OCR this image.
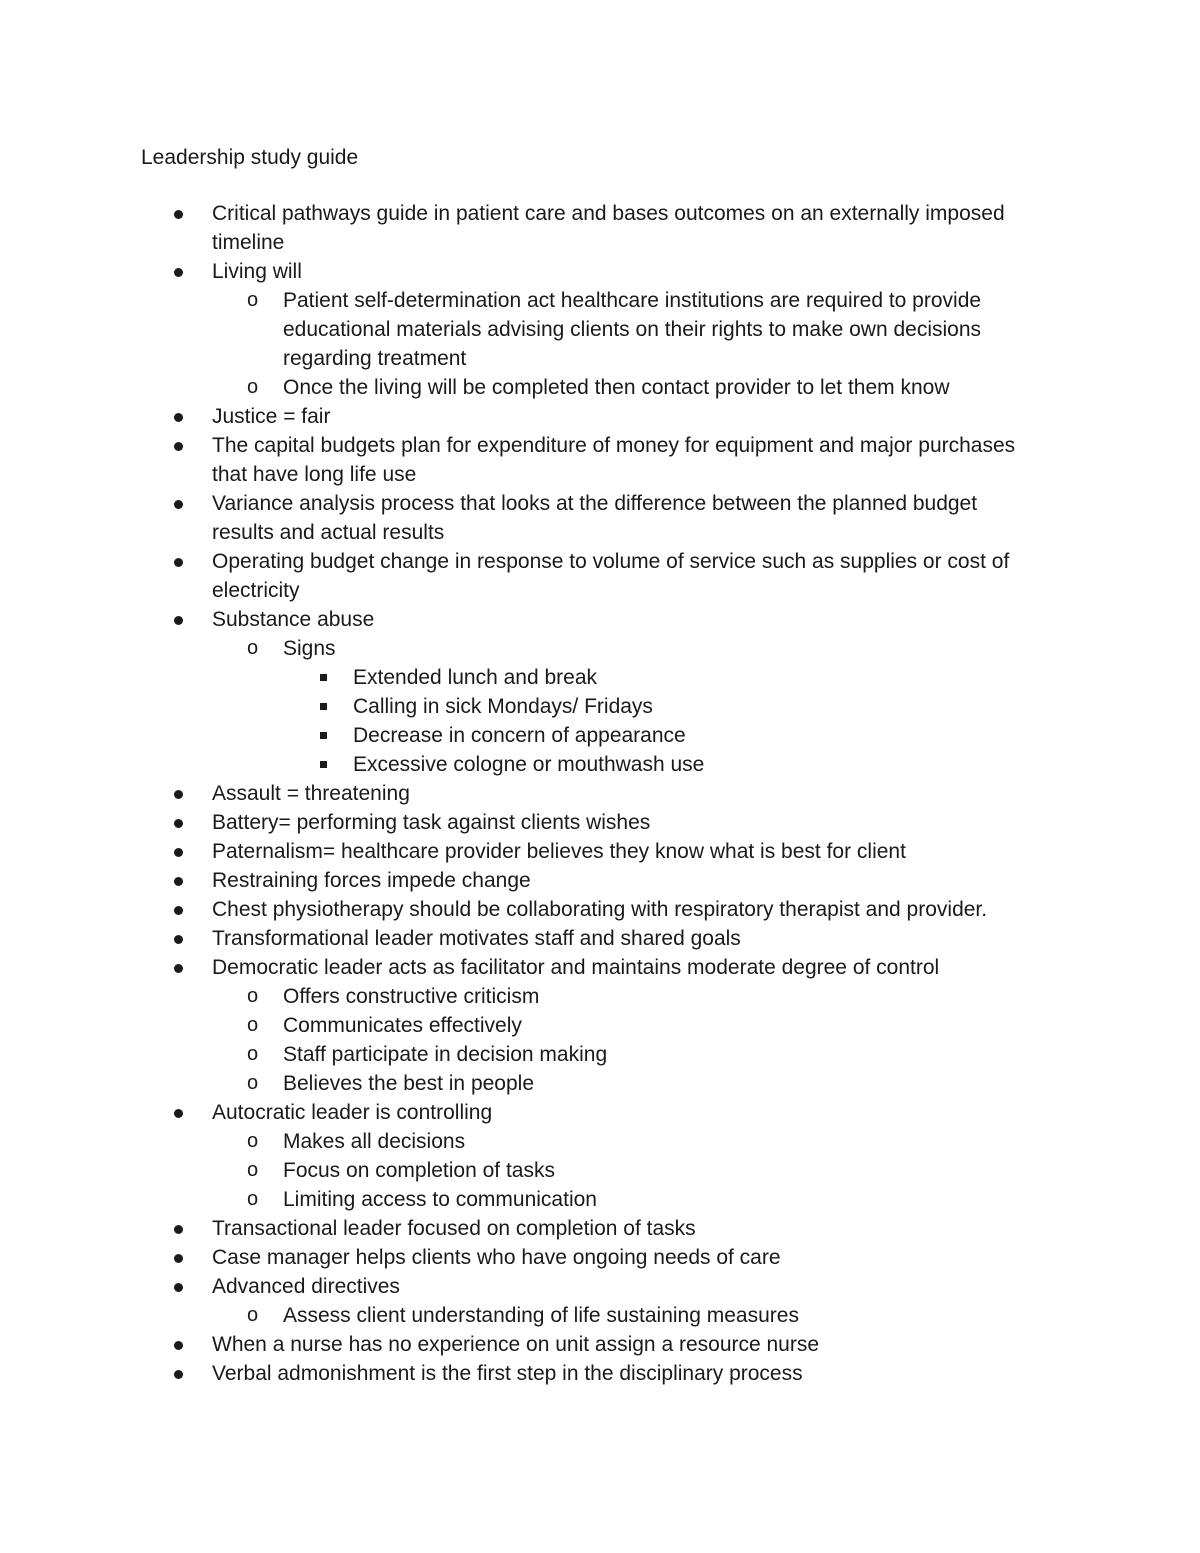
Leadership study guide
Critical pathways guide in patient care and bases outcomes on an externally imposed
timeline
Living will
o Patient self-determination act healthcare institutions are required to provide
educational materials advising clients on their rights to make own decisions
regarding treatment
o Once the living will be completed then contact provider to let them know
Justice = fair
The capital budgets plan for expenditure of money for equipment and major purchases
that have long life use
Variance analysis process that looks at the difference between the planned budget
results and actual results
Operating budget change in response to volume of service such as supplies or cost of
electricity
Substance abuse
o Signs
Extended lunch and break
Calling in sick Mondays/ Fridays
Decrease in concern of appearance
Excessive cologne or mouthwash use
Assault = threatening
Battery= performing task against clients wishes
Paternalism= healthcare provider believes they know what is best for client
Restraining forces impede change
Chest physiotherapy should be collaborating with respiratory therapist and provider.
Transformational leader motivates staff and shared goals
Democratic leader acts as facilitator and maintains moderate degree of control
o Offers constructive criticism
o Communicates effectively
o Staff participate in decision making
o Believes the best in people
Autocratic leader is controlling
o Makes all decisions
o Focus on completion of tasks
o Limiting access to communication
Transactional leader focused on completion of tasks
Case manager helps clients who have ongoing needs of care
Advanced directives
o Assess client understanding of life sustaining measures
When a nurse has no experience on unit assign a resource nurse
Verbal admonishment is the first step in the disciplinary process
